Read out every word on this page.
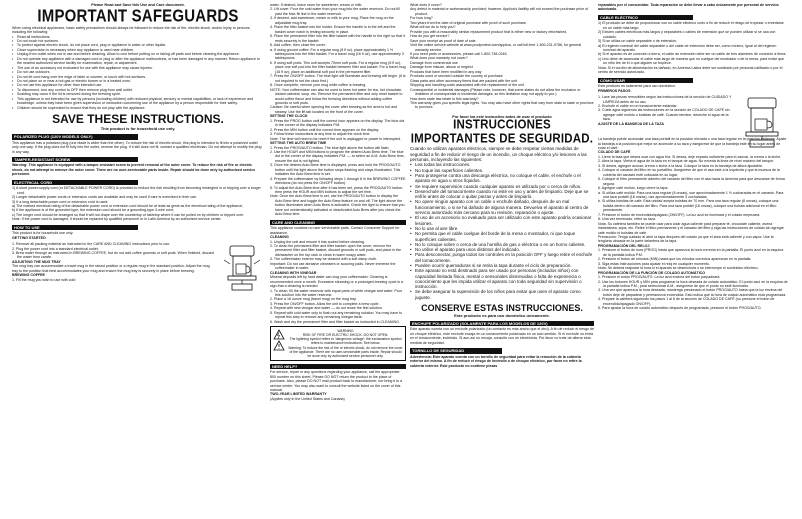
Please Read and Save this Use and Care document.
IMPORTANT SAFEGUARDS
When using electrical appliances, basic safety precautions should always be followed to reduce the risk of fire, electric shock, and/or injury to persons, including the following:
• Read all instructions.
• Do not touch hot surfaces.
• To protect against electric shock, do not place cord, plug or appliance in water or other liquids.
• Close supervision is necessary when any appliance is used near children.
• Unplug from outlet when not in use and before cleaning. Allow to cool before putting on or taking off parts and before cleaning the appliance.
• Do not operate any appliance with a damaged cord or plug or after the appliance malfunctions, or has been damaged in any manner. Return appliance to the nearest authorized service facility for examination, repair, or adjustment.
• The use of an accessory not evaluated for use with this appliance may cause injuries.
• Do not use outdoors.
• Do not let cord hang over the edge of table or counter, or touch with hot surfaces.
• Do not place on or near a hot gas or electric burner or in a heated oven.
• Do not use this appliance for other than intended use.
• To disconnect, turn any control to OFF then remove plug from wall outlet.
• Scalding may occur if the lid is removed during the brewing cycle.
• This appliance is not intended for use by persons (including children) with reduced physical, sensory or mental capabilities, or lack of experience and knowledge, unless they have been given supervision or instruction concerning use of the appliance by a person responsible for their safety.
• Children should be supervised to ensure that they do not play with the appliance.
SAVE THESE INSTRUCTIONS.
This product is for household use only.
POLARIZED PLUG (120V MODELS ONLY)
This appliance has a polarized plug (one blade is wider than the other). To reduce the risk of electric shock, this plug is intended to fit into a polarized outlet only one way. If the plug does not fit fully into the outlet, reverse the plug. If it still does not fit, contact a qualified electrician. Do not attempt to modify the plug in any way.
TAMPER-RESISTANT SCREW
Warning: This appliance is equipped with a tamper-resistant screw to prevent removal of the outer cover. To reduce the risk of fire or electric shock, do not attempt to remove the outer cover. There are no user-serviceable parts inside. Repair should be done only by authorized service personnel.
ELECTRICAL CORD
1) A short power-supply cord (or DETACHABLE POWER CORD) is provided to reduce the risk resulting from becoming entangled in or tripping over a longer cord.
2) Longer detachable power cords or extension cords are available and may be used if care is exercised in their use.
3) If a long detachable power cord or extension cord is used:
a) The marked electrical rating of the detachable power cord or extension cord should be at least as great as the electrical rating of the appliance;
b) If the appliance is of the grounded type, the extension cord should be a grounding-type 3-wire cord;
c) The longer cord should be arranged so that it will not drape over the countertop or tabletop where it can be pulled on by children or tripped over.
Note: If the power cord is damaged, it should be replaced by qualified personnel or in Latin America by an authorized service center.
HOW TO USE
This product is for household use only.
GETTING STARTED
1. Remove all packing material as instructed in the CARE AND CLEANING instructions prior to use.
2. Plug the power cord into a standard electrical outlet.
3. Brew water through as instructed in BREWING COFFEE, but do not add coffee grounds or soft pods. When finished, discard the water from carafe.
ADJUSTING THE MUG TRAY
The mug tray can accommodate a travel mug in the raised position or a regular mug in the standard position. Adjust the mug tray to the position that best accommodates your mug and ensure the mug tray is securely in place before brewing.
BREWING COFFEE
1. Fill the mug you wish to use with cold
water. If desired, leave room for sweetener, cream or milk.
2. Lift cover. Pour the cold water from your mug into the water reservoir. Do not fill past the Max fill line in the water reservoir.
3. If desired, add sweetener, cream or milk to your mug. Place the mug on the adjustable mug tray.
4. Place the filter basket into the holder. Ensure the handle is to the left and the basket cover notch is resting securely in place.
5. Place the permanent filter into the filter basket with the handle to the right so that it rests securely in the basket.
6. Add coffee, then close the cover.
a. If using ground coffee: For a regular mug (8 fl oz), place approximately 1 ½ tablespoons into the filter basket. For a travel mug (16 fl oz), use approximately 3 tablespoons.
b. If using soft pods: This unit accepts 70mm soft pods. For a regular mug (8 fl oz), place one soft pod into the filter basket between filter and basket. For a travel mug (16 fl oz), place an additional soft pod in the permanent filter.
7. Press the ON/OFF button. The blue light will illuminate and brewing will begin. (It is not required to set the clock first.)
8. Once complete, remove your mug while coffee is brewing.
NOTE: Your coffeemaker can also be used to brew hot water for tea, hot chocolate, instant oatmeal, soup, etc. Remove the permanent filter and only reset basket to avoid coffee flavor and follow the brewing directions without adding coffee grounds or soft pods.
Caution: Be careful when opening the cover after brewing as the area is hot and steamy. Use the lift tab located on the front of the cover.
SETTING THE CLOCK
1. Press the PROG button until the correct hour appears on the display. The blue dot in the corner of the display indicates P.M.
2. Press the MIN button until the correct time appears on the display.
3. Follow these instructions at any time to adjust the clock time.
Note: The time will need to be reset if the unit is unplugged or power is interrupted.
SETTING THE AUTO BREW TIME
1. Press the PROG/AUTO button. The blue light above the button will flash.
2. Use the HOUR and MIN buttons to program the desired Auto Brew time. The blue dot in the corner of the display indicates P.M. — to select an A.M. Auto Brew time, ensure the dot is not lighted.
3. Once the desired Auto Brew time is displayed, press and hold the PROG/AUTO button until the light above the button stops flashing and stays illuminated. This indicates the Auto Brew time is set.
4. Prepare the coffeemaker by following steps 1 through 6 in the BREWING COFFEE directions (do not press the ON/OFF button).
5. To adjust the Auto Brew time after it has been set, press the PROG/AUTO button, then press the HOUR and MIN buttons to adjust the set time.
Note: Once the Auto Brew time is set, use the PROG/AUTO button to display the Auto Brew time and toggle the Auto Brew feature on and off. The light above the button illuminates when Auto Brew is activated. Check the light to ensure that you have not unintentionally activated or deactivated Auto Brew after you check the Auto Brew time.
CARE AND CLEANING
This appliance contains no user serviceable parts. Contact Consumer Support for assistance.
CLEANING
1. Unplug the unit and ensure it has cooled before cleaning.
2. To clean the permanent filter and filter basket: open the cover, remove the permanent filter and filter basket, discard grounds or soft pods, and place in the dishwasher on the top rack or clean in warm soapy water.
3. The coffeemaker exterior may be cleaned with a soft damp cloth.
Important: Do not use abrasive cleansers or scouring pads. Never immerse the coffeemaker in water.
CLEANING WITH VINEGAR
Mineral deposits left by hard water can clog your coffeemaker. Cleaning is recommended once a month. Excessive steaming or a prolonged brewing cycle is a sign that a cleaning is needed.
1. To clean, fill the water reservoir with equal parts of white vinegar and water. Pour this solution into the water reservoir.
2. Place a 16 ounce mug (travel mug) on the mug tray.
3. Press the ON/OFF button. Allow the unit to complete a brew cycle.
4. Repeat with new vinegar and water — do not reuse the first solution.
5. Repeat with cold water only to flush out any remaining solution. You may have to repeat this step to remove any remaining vinegar taste.
6. Wash and dry the permanent filter and filter basket as instructed in CLEANING.
WARNING
RISK OF FIRE OR ELECTRIC SHOCK. DO NOT OPEN.
The lightning symbol refers to 'dangerous voltage'; the exclamation symbol refers to maintenance instructions. See below.
Warning: To reduce the risk of fire or electric shock, do not remove the cover of the appliance. There are no user-serviceable parts inside. Repair should be done only by authorized service personnel only.
NEED HELP?
For service, repair or any questions regarding your appliance, call the appropriate 800 number on this sheet. Please DO NOT return the product to the place of purchase. Also, please DO NOT mail product back to manufacturer, nor bring it to a service center. You may also want to consult the website listed on the cover of this manual.
TWO-YEAR LIMITED WARRANTY
(Applies only in the United States and Canada)
What does it cover?
Any defect in material or workmanship provided; however, Applica's liability will not exceed the purchase price of product.
For how long?
Two years from the date of original purchase with proof of such purchase.
What will we do to help you?
Provide you with a reasonably similar replacement product that is either new or factory refurbished.
How do you get service?
Save your receipt as proof of date of sale.
Visit the online service website at www.prodprotect.com/applica, or call toll-free 1-800-231-9786, for general warranty service.
If you need parts or accessories, please call 1-800-738-0245.
What does your warranty not cover?
Damage from commercial use
Damage from misuse, abuse or neglect
Products that have been modified in any way
Products used or serviced outside the country of purchase
Glass parts and other accessory items that are packed with the unit
Shipping and handling costs associated with the replacement of the unit
Consequential or incidental damages (Please note, however, that some states do not allow the exclusion or limitation of consequential or incidental damages, so this limitation may not apply to you.)
How does state law relate to this warranty?
This warranty gives you specific legal rights. You may also have other rights that vary from state to state or province to province.
Por favor lea este instructivo antes de usar el producto
INSTRUCCIONES IMPORTANTES DE SEGURIDAD.
Cuando se utilizan aparatos eléctricos, siempre se debe respetar ciertas medidas de seguridad a fin de reducir el riesgo de un incendio, un choque eléctrico y/o lesiones a las personas, incluyendo las siguientes:
• Lea todas las instrucciones.
• No toque las superficies calientes.
• Para protegerse contra una descarga eléctrica, no coloque el cable, el enchufe o el aparato en agua u otros líquidos.
• Se requiere supervisión cuando cualquier aparato es utilizado por o cerca de niños.
• Desenchufe del tomacorriente cuando no esté en uso y antes de limpiarlo. Deje que se enfríe antes de colocar o quitar piezas y antes de limpiarlo.
• No opere ningún aparato con un cable o enchufe dañado, después de un mal funcionamiento, o si se ha dañado de alguna manera. Devuelva el aparato al centro de servicio autorizado más cercano para su revisión, reparación o ajuste.
• El uso de un accesorio no evaluado para ser utilizado con este aparato podría ocasionar lesiones.
• No lo use al aire libre.
• No permita que el cable cuelgue del borde de la mesa o mostrador, ni que toque superficies calientes.
• No lo coloque sobre o cerca de una hornilla de gas o eléctrica o en un horno caliente.
• No utilice el aparato para usos distintos del indicado.
• Para desconectar, ponga todos los controles en la posición OFF y luego retire el enchufe del tomacorriente.
• Pueden ocurrir quemaduras si se retira la tapa durante el ciclo de preparación.
• Este aparato no está destinado para ser usado por personas (incluidos niños) con capacidad limitada física, mental o sensoriales disminuidas o falta de experiencia o conocimiento que les impida utilizar el aparato con toda seguridad sin supervisión o instrucción.
• Se debe asegurar la supervisión de los niños para evitar que usen el aparato como juguete.
CONSERVE ESTAS INSTRUCCIONES.
Este producto es para uso doméstico únicamente.
ENCHUFE POLARIZADO (SOLAMENTE PARA LOS MODELOS DE 120V)
Este aparato cuenta con un enchufe polarizado (un contacto es más ancho que el otro). A fin de reducir el riesgo de un choque eléctrico, este enchufe encaja en un tomacorriente polarizado en un solo sentido. Si el enchufe no entra en el tomacorriente, inviértalo. Si aun así no encaja, consulte con un electricista. Por favor no trate de alterar esta medida de seguridad.
TORNILLO DE SEGURIDAD
Advertencia: Este aparato cuenta con un tornillo de seguridad para evitar la remoción de la cubierta exterior del mismo. A fin de reducir el riesgo de incendio o de choque eléctrico, por favor no retire la cubierta exterior. Este producto no contiene piezas
reparables por el consumidor. Toda reparación se debe llevar a cabo únicamente por personal de servicio autorizado.
CABLE ELÉCTRICO
1) El producto se debe de proporcionar con un cable eléctrico corto a fin de reducir el riesgo de tropezar o enredarse en un cable más largo.
2) Existen cables eléctricos más largos y separables o cables de extensión que se pueden utilizar si se usa con cuidado.
3) Si se utiliza un cable separable o de extensión,
a) El régimen nominal del cable separable o del cable de extensión debe ser, como mínimo, igual al del régimen nominal del aparato.
b) Si el aparato es de conexión a tierra, el cable de extensión debe ser un cable de tres alambres de conexión a tierra.
c) Uno debe de acomodar el cable más largo de manera que no cuelgue del mostrador o de la mesa, para evitar que un niño tire de él o que alguien se tropiece.
Nota: Si el cordón de alimentación es dañado, en América Latina debe ser sustituido por personal calificado o por el centro de servicio autorizado.
CÓMO USAR
Este producto es solamente para uso doméstico.
PRIMEROS PASOS
1. Lave las piezas removibles según las instrucciones de la sección de CUIDADO Y LIMPIEZA antes de su uso.
2. Enchufe el cable en un tomacorriente estándar.
3. Cuele agua siguiendo las instrucciones en la sección de COLADO DE CAFÉ sin agregar café molido o bolsitas de café. Cuando termine, deseche el agua de la taza.
AJUSTE DE LA BANDEJA DE LA TAZA
La bandeja puede acomodar una taza portátil en la posición elevada o una taza regular en la posición estándar. Ajuste la bandeja a la posición que mejor se acomode a su taza y asegúrese de que la bandeja esté en su lugar antes de colar el café.
COLADO DE CAFÉ
1. Llene la taza que desea usar con agua fría. Si desea, deje espacio suficiente para el azúcar, la crema o la leche.
2. Abra la tapa. Vierta el agua de la taza en el tanque de agua. No exceda la línea de nivel máximo del tanque.
3. Si desea, agregue azúcar, crema o leche a la taza. Coloque la taza en la bandeja de altura ajustable.
4. Coloque el canasto del filtro en su portafiltro. Asegúrese de que el asa esté a la izquierda y que la muesca de la cubierta del canasto esté colocada en su lugar.
5. Coloque el filtro permanente adentro del canasto del filtro con el asa hacia la derecha para que descanse de forma segura.
6. Agregue café molido, luego cierre la tapa.
a. Si utiliza café molido: Para una taza regular (8 onzas), use aproximadamente 1 ½ cucharadas en el canasto. Para una taza portátil (16 onzas), use aproximadamente 3 cucharadas.
b. Si utiliza bolsitas de café: Esta unidad acepta bolsitas de 70 mm. Para una taza regular (8 onzas), coloque una bolsita dentro del canasto del filtro. Para una taza portátil (16 onzas), coloque una bolsita adicional en el filtro permanente.
7. Presione el botón de encendido/apagado (ON/OFF). La luz azul se iluminará y el colado empezará.
8. Una vez terminado, retire su taza.
Nota: Su cafetera también se puede usar para colar agua caliente para preparar té, chocolate caliente, avena instantánea, sopa, etc. Retire el filtro permanente y el canasto del filtro y siga las instrucciones de colado sin agregar café molido ni bolsitas de café.
Precaución: Tenga cuidado al abrir la tapa después del colado ya que el área está caliente y con vapor. Use la lengüeta ubicada en la parte delantera de la tapa.
PROGRAMACIÓN DEL RELOJ
1. Presione el botón de hora (PROG) hasta que aparezca la hora correcta en la pantalla. El punto azul en la esquina de la pantalla indica P.M.
2. Presione el botón de minutos (MIN) hasta que los minutos correctos aparezcan en la pantalla.
3. Siga estas instrucciones para ajustar el reloj en cualquier momento.
Nota: Se deberá reajustar la hora si el aparato se desenchufa o se interrumpe el suministro eléctrico.
PROGRAMACIÓN DE LA FUNCIÓN DE COLADO AUTOMÁTICO
1. Presione el botón PROG/AUTO. La luz azul encima del botón parpadeará.
2. Use los botones HOUR y MIN para programar la hora deseada de colado automático. El punto azul en la esquina de la pantalla indica P.M.; para seleccionar A.M., asegúrese de que el punto no esté iluminado.
3. Una vez que aparezca la hora deseada, mantenga presionado el botón PROG/AUTO hasta que la luz encima del botón deje de parpadear y permanezca encendida. Esto indica que la hora de colado automático está programada.
4. Prepare la cafetera siguiendo los pasos 1 al 6 de la sección de COLADO DE CAFÉ (no presione el botón de encendido/apagado ON/OFF).
5. Para ajustar la hora de colado automático después de programada, presione el botón PROG/AUTO.
